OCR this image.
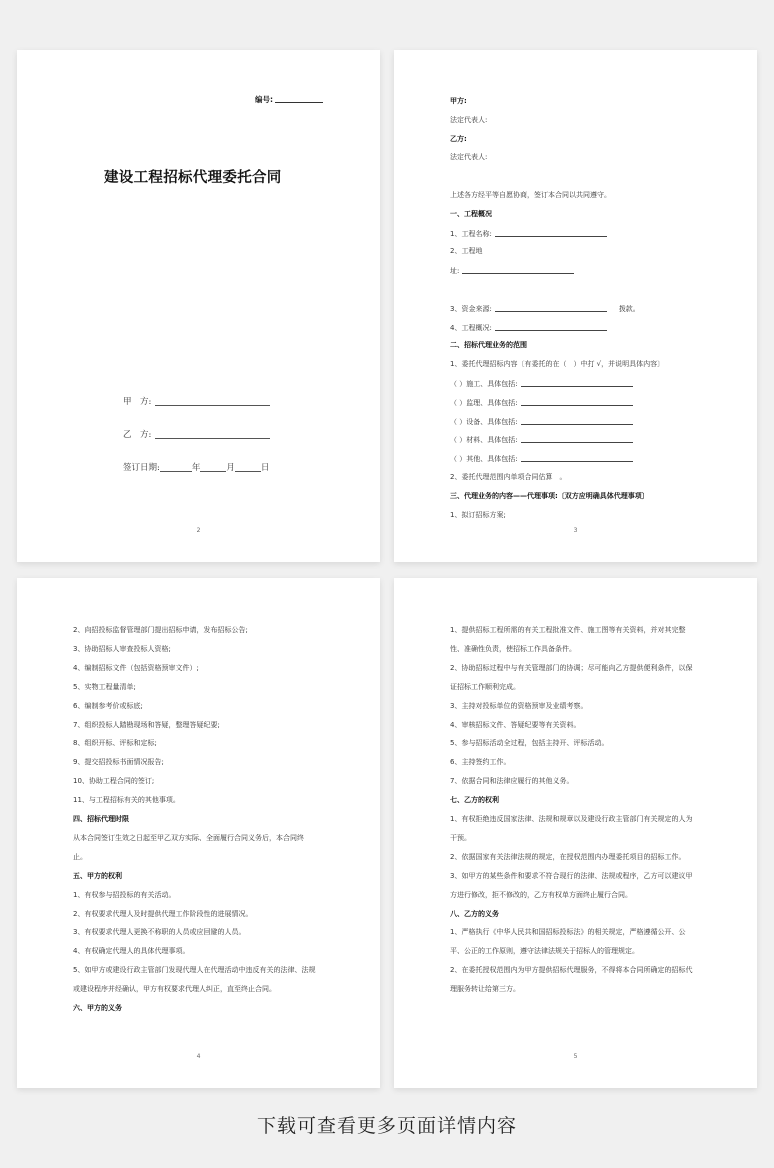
编号:
建设工程招标代理委托合同
甲　方:
乙　方:
签订日期:	年	月	日
2
甲方:
法定代表人:
乙方:
法定代表人:
上述各方经平等自愿协商，签订本合同以共同遵守。
一、工程概况
1、工程名称:
2、工程地
址:
3、资金来源:	拨款。
4、工程概况:
二、招标代理业务的范围
1、委托代理招标内容〔有委托的在（　）中打 √，并说明具体内容〕
（ ）施工、具体包括:
（ ）监理、具体包括:
（ ）设备、具体包括:
（ ）材料、具体包括:
（ ）其他、具体包括:
2、委托代理范围内单项合同估算　。
三、代理业务的内容——代理事项:〔双方应明确具体代理事项〕
1、拟订招标方案;
3
2、向招投标监督管理部门提出招标申请，发布招标公告;
3、协助招标人审查投标人资格;
4、编制招标文件（包括资格预审文件）;
5、实物工程量清单;
6、编制参考价或标底;
7、组织投标人踏勘现场和答疑，整理答疑纪要;
8、组织开标、评标和定标;
9、提交招投标书面情况报告;
10、协助工程合同的签订;
11、与工程招标有关的其他事项。
四、招标代理时限
从本合同签订生效之日起至甲乙双方实际、全面履行合同义务后，本合同终
止。
五、甲方的权利
1、有权参与招投标的有关活动。
2、有权要求代理人及时提供代理工作阶段性的进展情况。
3、有权要求代理人更换不称职的人员或应回避的人员。
4、有权确定代理人的具体代理事项。
5、如甲方或建设行政主管部门发现代理人在代理活动中违反有关的法律、法规
或建设程序并经确认，甲方有权要求代理人纠正，直至终止合同。
六、甲方的义务
4
1、提供招标工程所需的有关工程批准文件、施工图等有关资料，并对其完整
性、准确性负责，使招标工作具备条件。
2、协助招标过程中与有关管理部门的协调；尽可能向乙方提供便利条件，以保
证招标工作顺利完成。
3、主持对投标单位的资格预审及业绩考察。
4、审核招标文件、答疑纪要等有关资料。
5、参与招标活动全过程，包括主持开、评标活动。
6、主持签约工作。
7、依据合同和法律应履行的其他义务。
七、乙方的权利
1、有权拒绝违反国家法律、法规和规章以及建设行政主管部门有关规定的人为
干预。
2、依据国家有关法律法规的规定，在授权范围内办理委托项目的招标工作。
3、如甲方的某些条件和要求不符合现行的法律、法规或程序，乙方可以建议甲
方进行修改，拒不修改的，乙方有权单方面终止履行合同。
八、乙方的义务
1、严格执行《中华人民共和国招标投标法》的相关规定，严格遵循公开、公
平、公正的工作原则，遵守法律法规关于招标人的管理规定。
2、在委托授权范围内为甲方提供招标代理服务，不得将本合同所确定的招标代
理服务转让给第三方。
5
下载可查看更多页面详情内容
